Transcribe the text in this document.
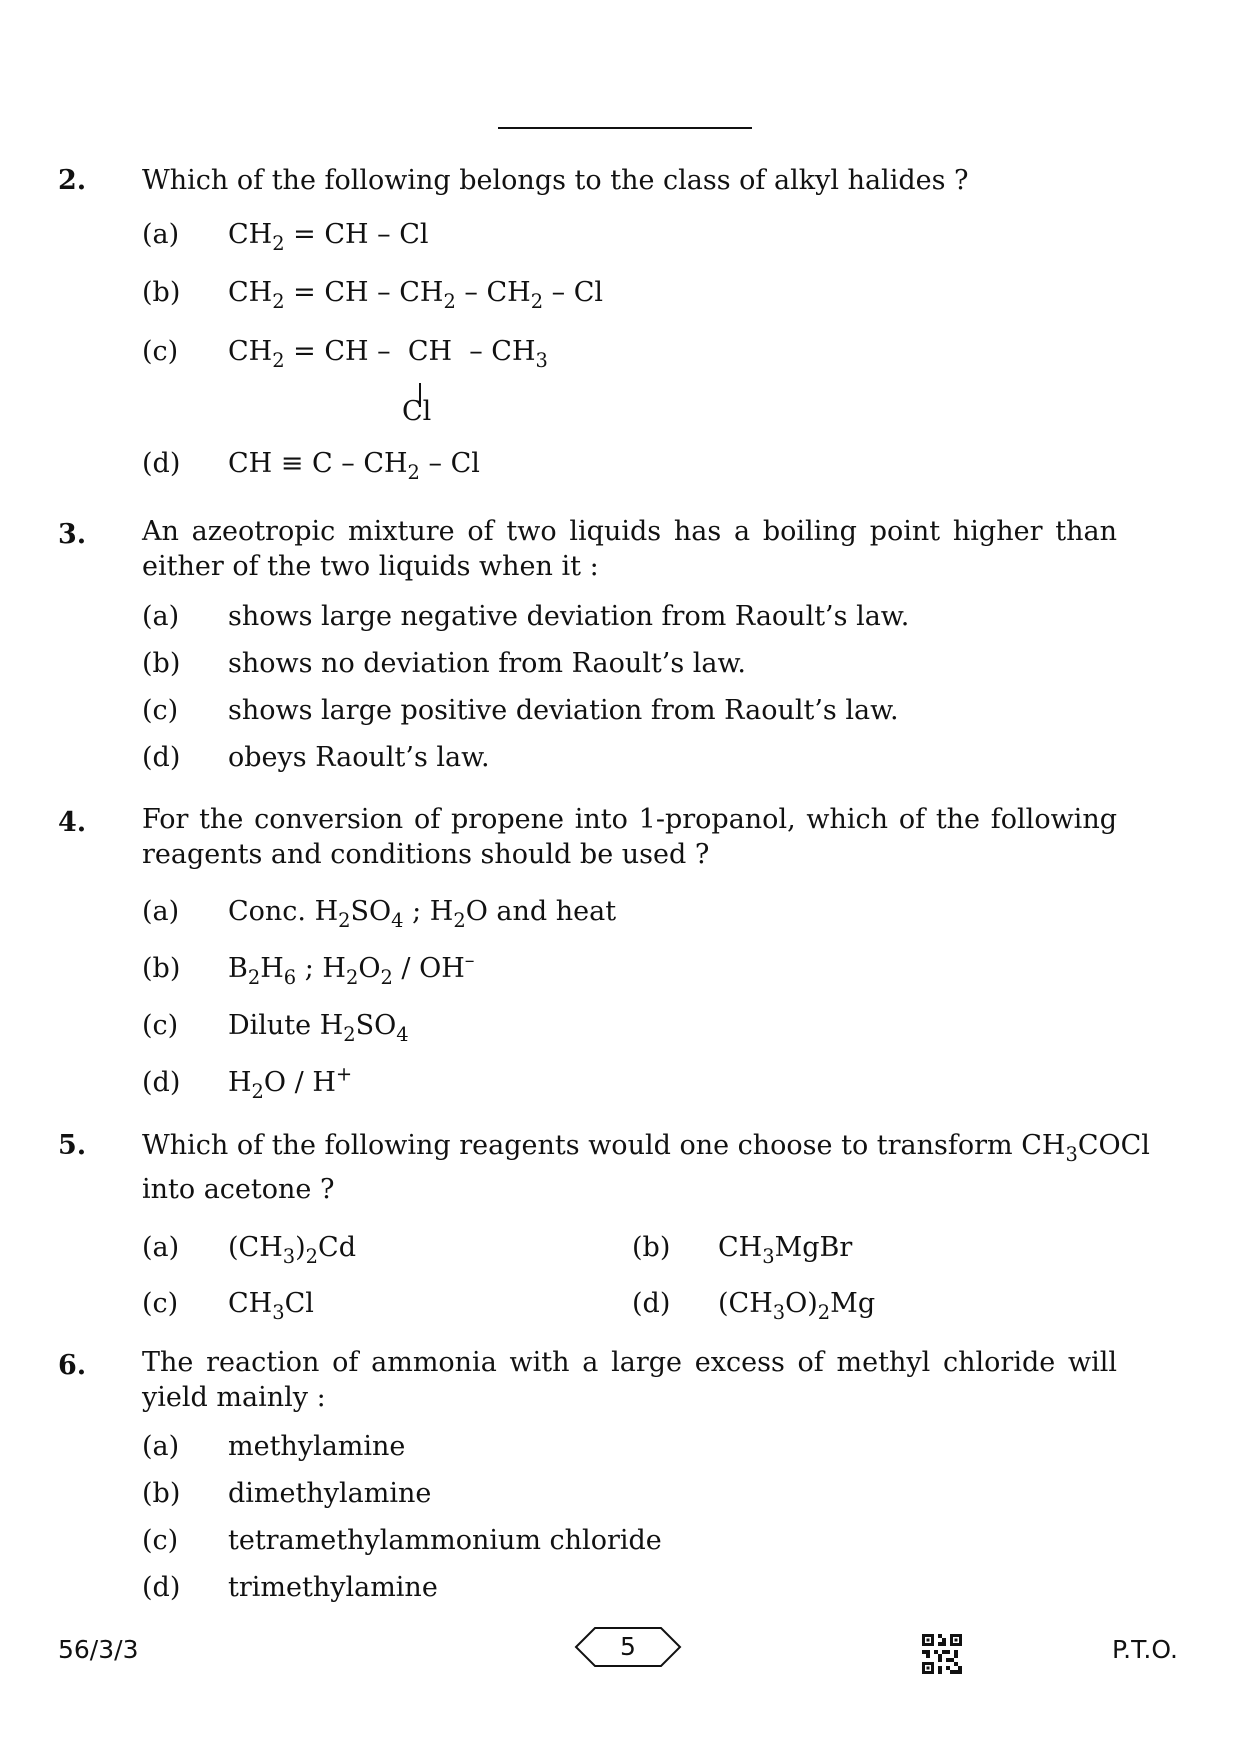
2. Which of the following belongs to the class of alkyl halides ?
(a) $CH_2$ = CH – Cl
(b) $CH_2$ = CH – $CH_2 - CH_2$ – Cl
(c) $CH_2$ = CH –  CH  – $CH_3$
Cl
(d) CH ≡ C – $CH_2$ – Cl
3. An azeotropic mixture of two liquids has a boiling point higher than either of the two liquids when it :
(a) shows large negative deviation from Raoult’s law.
(b) shows no deviation from Raoult’s law.
(c) shows large positive deviation from Raoult’s law.
(d) obeys Raoult’s law.
4. For the conversion of propene into 1-propanol, which of the following reagents and conditions should be used ?
(a) Conc. $H_2SO_4$ ; $H_2O$ and heat
(b) $B_2H_6$ ; $H_2O_2 / OH^-$
(c) Dilute $H_2SO_4$
(d) $H_2O / H^+$
5. Which of the following reagents would one choose to transform $CH_3COCl$
into acetone ?
(a) $(CH_3)_2Cd$	(b) $CH_3MgBr$
(c) $CH_3Cl$	(d) $(CH_3O)_2Mg$
6. The reaction of ammonia with a large excess of methyl chloride will yield mainly :
(a) methylamine
(b) dimethylamine
(c) tetramethylammonium chloride
(d) trimethylamine
56/3/3	5	P.T.O.
